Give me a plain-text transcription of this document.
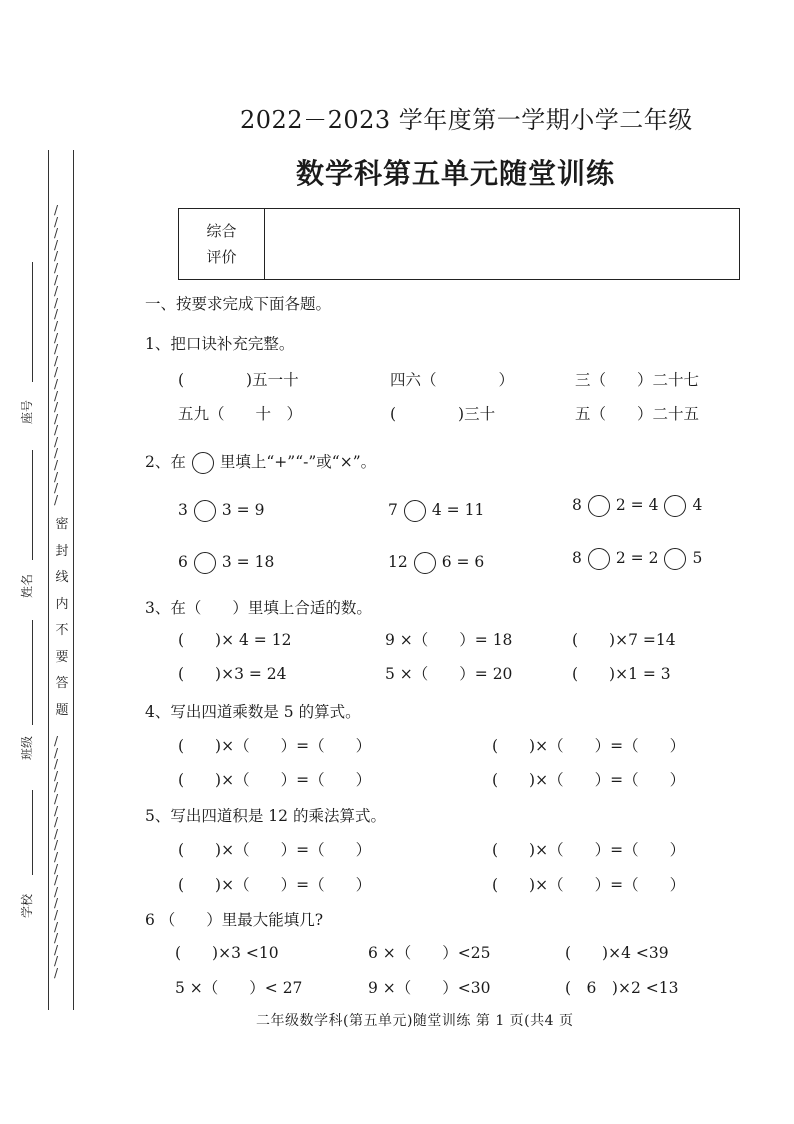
/
/
/
/
/
/
/
/
/
/
/
/
/
/
/
/
/
/
/
/
/
/
/
/
/
/
密
封
线
内
不
要
答
题
/
/
/
/
/
/
/
/
/
/
/
/
/
/
/
/
/
/
/
/
/
座号
姓名
班级
学校
2022－2023 学年度第一学期小学二年级
数学科第五单元随堂训练
综合
评价
一、按要求完成下面各题。
1、把口诀补充完整。
(　　　　)五一十	四六（　　　　）	三（　　）二十七
五九（　　十　）	(　　　　)三十	五（　　）二十五
2、在 里填上“+”“-”或“×”。
3 3 = 9	7 4 = 11	8 2 = 4 4
6 3 = 18	12 6 = 6	8 2 = 2 5
3、在（　　）里填上合适的数。
(　　)× 4 = 12	9 ×（　　）= 18	(　　)×7 =14
(　　)×3 = 24	5 ×（　　）= 20	(　　)×1 = 3
4、写出四道乘数是 5 的算式。
(　　)×（　　）=（　　）	(　　)×（　　）=（　　）
(　　)×（　　）=（　　）	(　　)×（　　）=（　　）
5、写出四道积是 12 的乘法算式。
(　　)×（　　）=（　　）	(　　)×（　　）=（　　）
(　　)×（　　）=（　　）	(　　)×（　　）=（　　）
6 （　　）里最大能填几?
(　　)×3 <10	6 ×（　　）<25	(　　)×4 <39
5 ×（　　）< 27	9 ×（　　）<30	(　6　)×2 <13
二年级数学科(第五单元)随堂训练 第 1 页(共4 页
